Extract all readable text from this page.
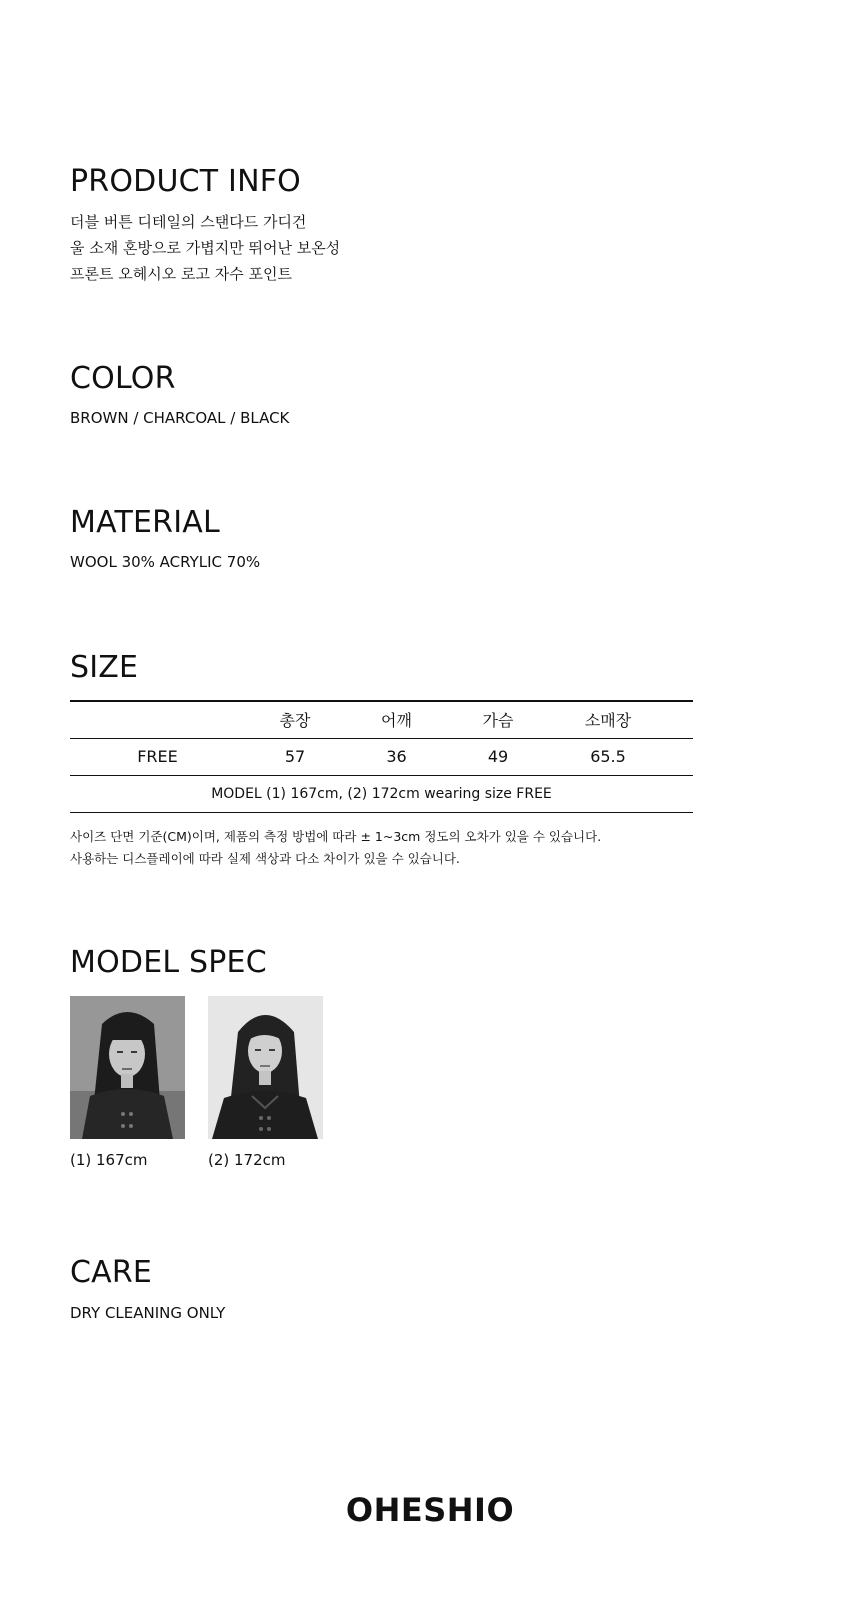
PRODUCT INFO
더블 버튼 디테일의 스탠다드 가디건
울 소재 혼방으로 가볍지만 뛰어난 보온성
프론트 오헤시오 로고 자수 포인트
COLOR
BROWN / CHARCOAL / BLACK
MATERIAL
WOOL 30% ACRYLIC 70%
SIZE
	총장	어깨	가슴	소매장	
FREE	57	36	49	65.5	
MODEL (1) 167cm, (2) 172cm wearing size FREE					
사이즈 단면 기준(CM)이며, 제품의 측정 방법에 따라 ± 1~3cm 정도의 오차가 있을 수 있습니다.
사용하는 디스플레이에 따라 실제 색상과 다소 차이가 있을 수 있습니다.
MODEL SPEC
(1) 167cm	(2) 172cm
CARE
DRY CLEANING ONLY
OHESHIO
